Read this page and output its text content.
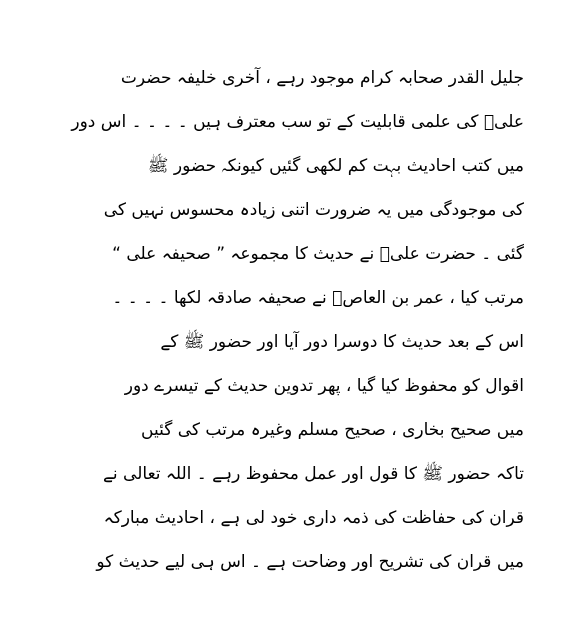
جلیل القدر صحابہ کرام موجود رہے ، آخری خلیفہ حضرت
علیؓ کی علمی قابلیت کے تو سب معترف ہیں ۔ ۔ ۔ ۔ اس دور
میں کتب احادیث بہت کم لکھی گئیں کیونکہ حضور ﷺ
کی موجودگی میں یہ ضرورت اتنی زیادہ محسوس نہیں کی
گئی ۔ حضرت علیؓ نے حدیث کا مجموعہ ” صحیفہ علی “
مرتب کیا ، عمر بن العاصؓ نے صحیفہ صادقہ لکھا ۔ ۔ ۔ ۔
اس کے بعد حدیث کا دوسرا دور آیا اور حضور ﷺ کے
اقوال کو محفوظ کیا گیا ، پھر تدوین حدیث کے تیسرے دور
میں صحیح بخاری ، صحیح مسلم وغیرہ مرتب کی گئیں
تاکہ حضور ﷺ کا قول اور عمل محفوظ رہے ۔ اللہ تعالی نے
قران کی حفاظت کی ذمہ داری خود لی ہے ، احادیث مبارکہ
میں قران کی تشریح اور وضاحت ہے ۔ اس ہی لیے حدیث کو
